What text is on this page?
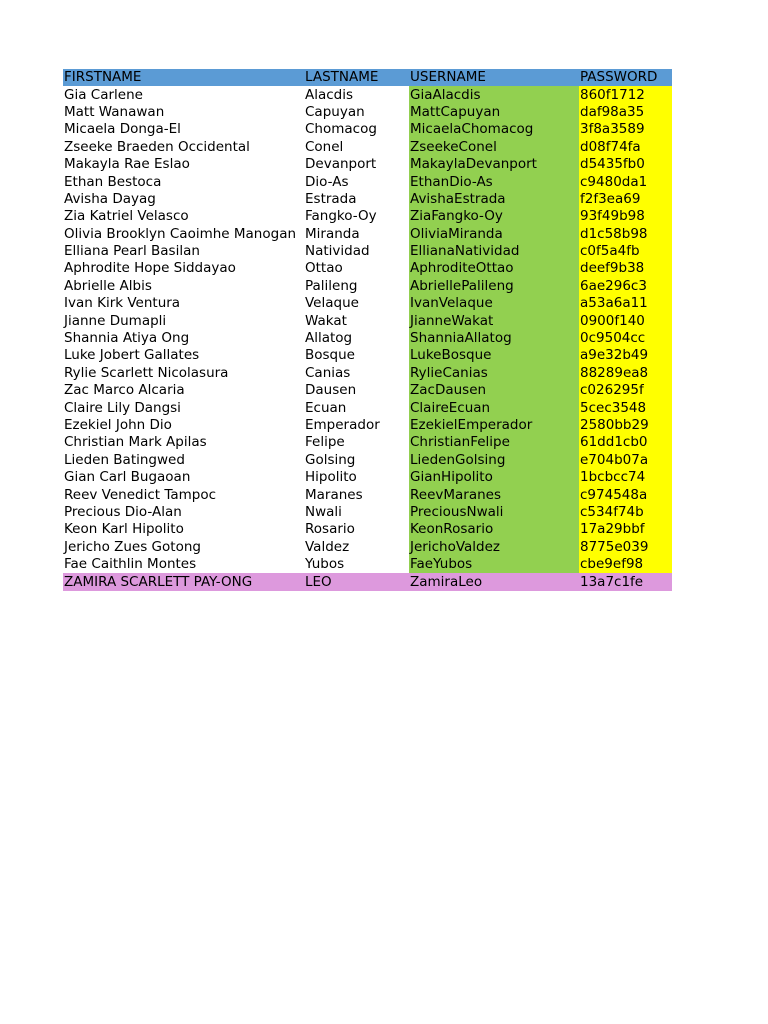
FIRSTNAME	LASTNAME	USERNAME	PASSWORD
Gia Carlene	Alacdis	GiaAlacdis	860f1712
Matt Wanawan	Capuyan	MattCapuyan	daf98a35
Micaela Donga-El	Chomacog	MicaelaChomacog	3f8a3589
Zseeke Braeden Occidental	Conel	ZseekeConel	d08f74fa
Makayla Rae Eslao	Devanport	MakaylaDevanport	d5435fb0
Ethan Bestoca	Dio-As	EthanDio-As	c9480da1
Avisha Dayag	Estrada	AvishaEstrada	f2f3ea69
Zia Katriel Velasco	Fangko-Oy	ZiaFangko-Oy	93f49b98
Olivia Brooklyn Caoimhe Manogan	Miranda	OliviaMiranda	d1c58b98
Elliana Pearl Basilan	Natividad	EllianaNatividad	c0f5a4fb
Aphrodite Hope Siddayao	Ottao	AphroditeOttao	deef9b38
Abrielle Albis	Palileng	AbriellePalileng	6ae296c3
Ivan Kirk Ventura	Velaque	IvanVelaque	a53a6a11
Jianne Dumapli	Wakat	JianneWakat	0900f140
Shannia Atiya Ong	Allatog	ShanniaAllatog	0c9504cc
Luke Jobert Gallates	Bosque	LukeBosque	a9e32b49
Rylie Scarlett Nicolasura	Canias	RylieCanias	88289ea8
Zac Marco Alcaria	Dausen	ZacDausen	c026295f
Claire Lily Dangsi	Ecuan	ClaireEcuan	5cec3548
Ezekiel John Dio	Emperador	EzekielEmperador	2580bb29
Christian Mark Apilas	Felipe	ChristianFelipe	61dd1cb0
Lieden Batingwed	Golsing	LiedenGolsing	e704b07a
Gian Carl Bugaoan	Hipolito	GianHipolito	1bcbcc74
Reev Venedict Tampoc	Maranes	ReevMaranes	c974548a
Precious Dio-Alan	Nwali	PreciousNwali	c534f74b
Keon Karl Hipolito	Rosario	KeonRosario	17a29bbf
Jericho Zues Gotong	Valdez	JerichoValdez	8775e039
Fae Caithlin Montes	Yubos	FaeYubos	cbe9ef98
ZAMIRA SCARLETT PAY-ONG	LEO	ZamiraLeo	13a7c1fe
